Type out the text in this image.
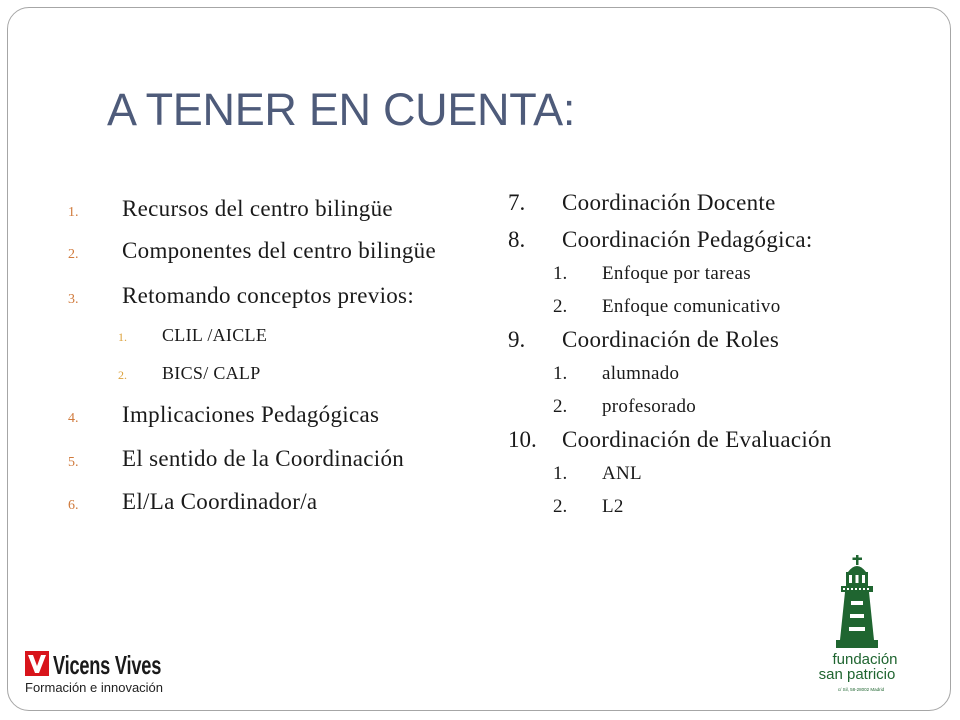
A TENER EN CUENTA:
1. Recursos del centro bilingüe
2. Componentes del centro bilingüe
3. Retomando conceptos previos:
1. CLIL /AICLE
2. BICS/ CALP
4. Implicaciones Pedagógicas
5. El sentido de la Coordinación
6. El/La Coordinador/a
7. Coordinación Docente
8. Coordinación Pedagógica:
1. Enfoque por tareas
2. Enfoque comunicativo
9. Coordinación de Roles
1. alumnado
2. profesorado
10. Coordinación de Evaluación
1. ANL
2. L2
Vicens Vives
Formación e innovación
fundación
san patricio
c/ Sil, 58-28002 Madrid
